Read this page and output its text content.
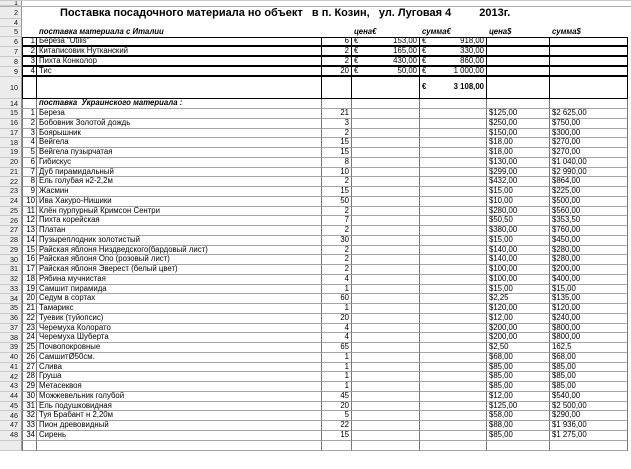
1
2	Поставка посадочного материала но объект   в п. Козин,   ул. Луговая 4	2013г.
4
5	поставка материала с Италии	цена€	сумма€	цена$	сумма$
6	1 Береза "Utilis"	6 €	153,00 €	918,00
7	2 Китаписовик Нутканский	2 €	165,00 €	330,00
8	3 Пихта Конколор	2 €	430,00 €	860,00
9	4 Тис	20 €	50,00 €	1 000,00
10	€	3 108,00
14	поставка  Украинского материала :
15	1 Береза	21	$125,00	$2 625,00
16	2 Бобовник Золотой дождь	3	$250,00	$750,00
17	3 Боярышник	2	$150,00	$300,00
18	4 Вейгела	15	$18,00	$270,00
19	5 Вейгела пузырчатая	15	$18,00	$270,00
20	6 Гибискус	8	$130,00	$1 040,00
21	7 Дуб пирамидальный	10	$299,00	$2 990,00
22	8 Ель голубая н2-2,2м	2	$432,00	$864,00
23	9 Жасмин	15	$15,00	$225,00
24	10 Ива Хакуро-Нишики	50	$10,00	$500,00
25	11 Клён пурпурный Кримсон Сентри	2	$280,00	$560,00
26	12 Пихта корейская	7	$50,50	$353,50
27	13 Платан	2	$380,00	$760,00
28	14 Пузыреплодник золотистый	30	$15,00	$450,00
29	15 Райская яблоня Низдведского(бардовый лист)	2	$140,00	$280,00
30	16 Райская яблоня Опо (розовый лист)	2	$140,00	$280,00
31	17 Райская яблоня Эверест (белый цвет)	2	$100,00	$200,00
32	18 Рябина мучнистая	4	$100,00	$400,00
33	19 Самшит пирамида	1	$15,00	$15,00
34	20 Седум в сортах	60	$2,25	$135,00
35	21 Тамарикс	1	$120,00	$120,00
36	22 Туевик (туйопсис)	20	$12,00	$240,00
37	23 Черемуха Колорато	4	$200,00	$800,00
38	24 Черемуха Шуберта	4	$200,00	$800,00
39	25 Почвопокровные	65	$2,50	162,5
40	26 СамшитØ50см.	1	$68,00	$68,00
41	27 Слива	1	$85,00	$85,00
42	28 Груша	1	$85,00	$85,00
43	29 Метасеквоя	1	$85,00	$85,00
44	30 Можжевельник голубой	45	$12,00	$540,00
45	31 Ель подушковидная	20	$125,00	$2 500,00
46	32 Туя Брабант н 2,20м	5	$58,00	$290,00
47	33 Пион древовидный	22	$88,00	$1 936,00
48	34 Сирень	15	$85,00	$1 275,00
